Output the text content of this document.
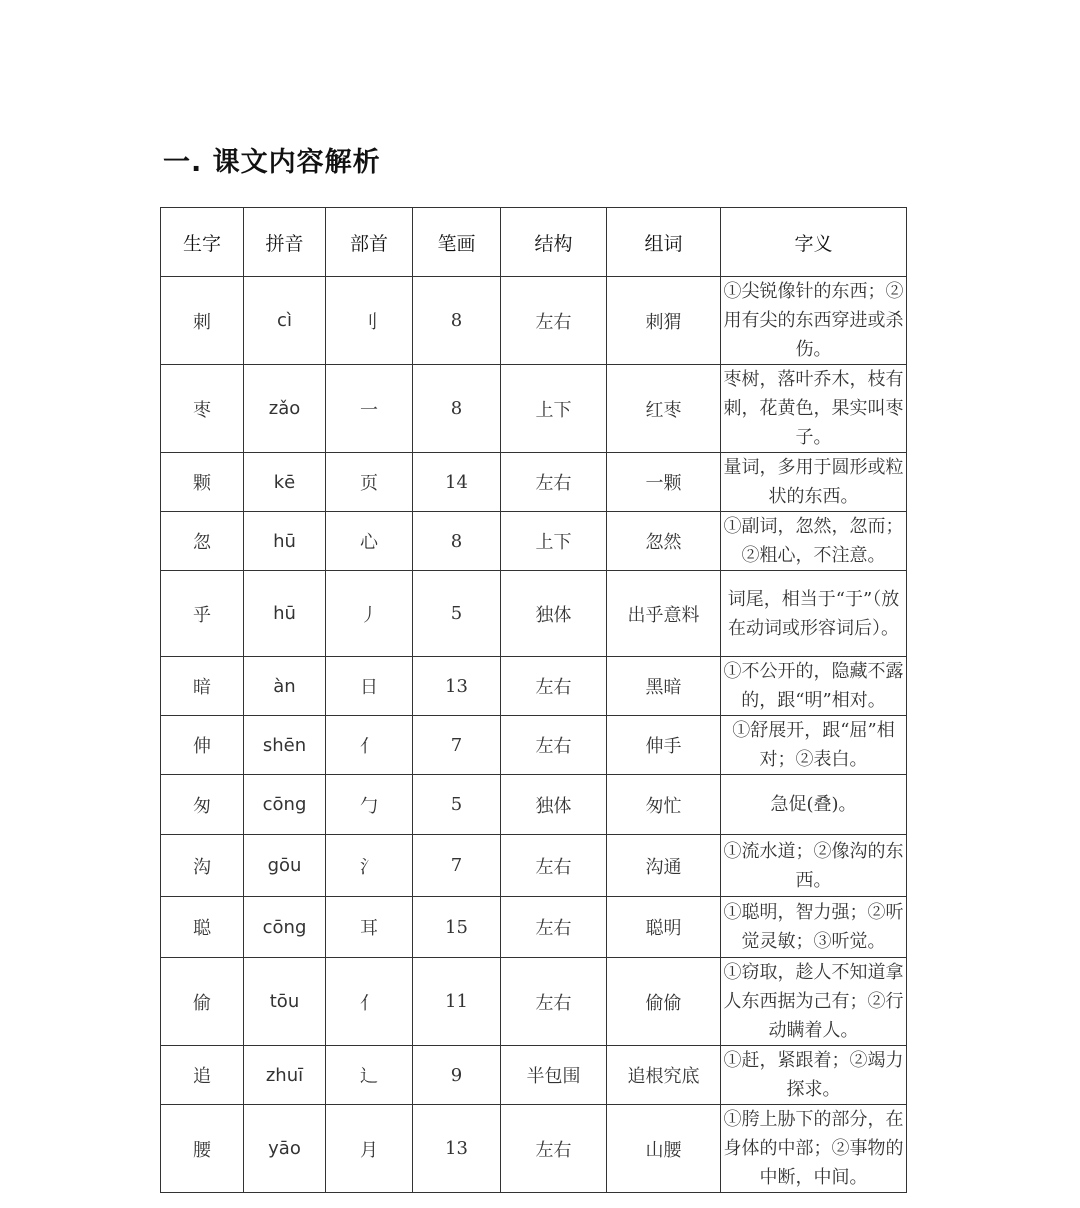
一. 课文内容解析
生字	拼音	部首	笔画	结构	组词	字义
刺	cì	刂	8	左右	刺猬	①尖锐像针的东西；②用有尖的东西穿进或杀伤。
枣	zǎo	一	8	上下	红枣	枣树，落叶乔木，枝有刺，花黄色，果实叫枣子。
颗	kē	页	14	左右	一颗	量词，多用于圆形或粒状的东西。
忽	hū	心	8	上下	忽然	①副词，忽然，忽而；②粗心，不注意。
乎	hū	丿	5	独体	出乎意料	词尾，相当于“于”（放在动词或形容词后）。
暗	àn	日	13	左右	黑暗	①不公开的，隐藏不露的，跟“明”相对。
伸	shēn	亻	7	左右	伸手	①舒展开，跟“屈”相对；②表白。
匆	cōng	勹	5	独体	匆忙	急促(叠)。
沟	gōu	氵	7	左右	沟通	①流水道；②像沟的东西。
聪	cōng	耳	15	左右	聪明	①聪明，智力强；②听觉灵敏；③听觉。
偷	tōu	亻	11	左右	偷偷	①窃取，趁人不知道拿人东西据为己有；②行动瞒着人。
追	zhuī	辶	9	半包围	追根究底	①赶，紧跟着；②竭力探求。
腰	yāo	月	13	左右	山腰	①胯上胁下的部分，在身体的中部；②事物的中断，中间。
